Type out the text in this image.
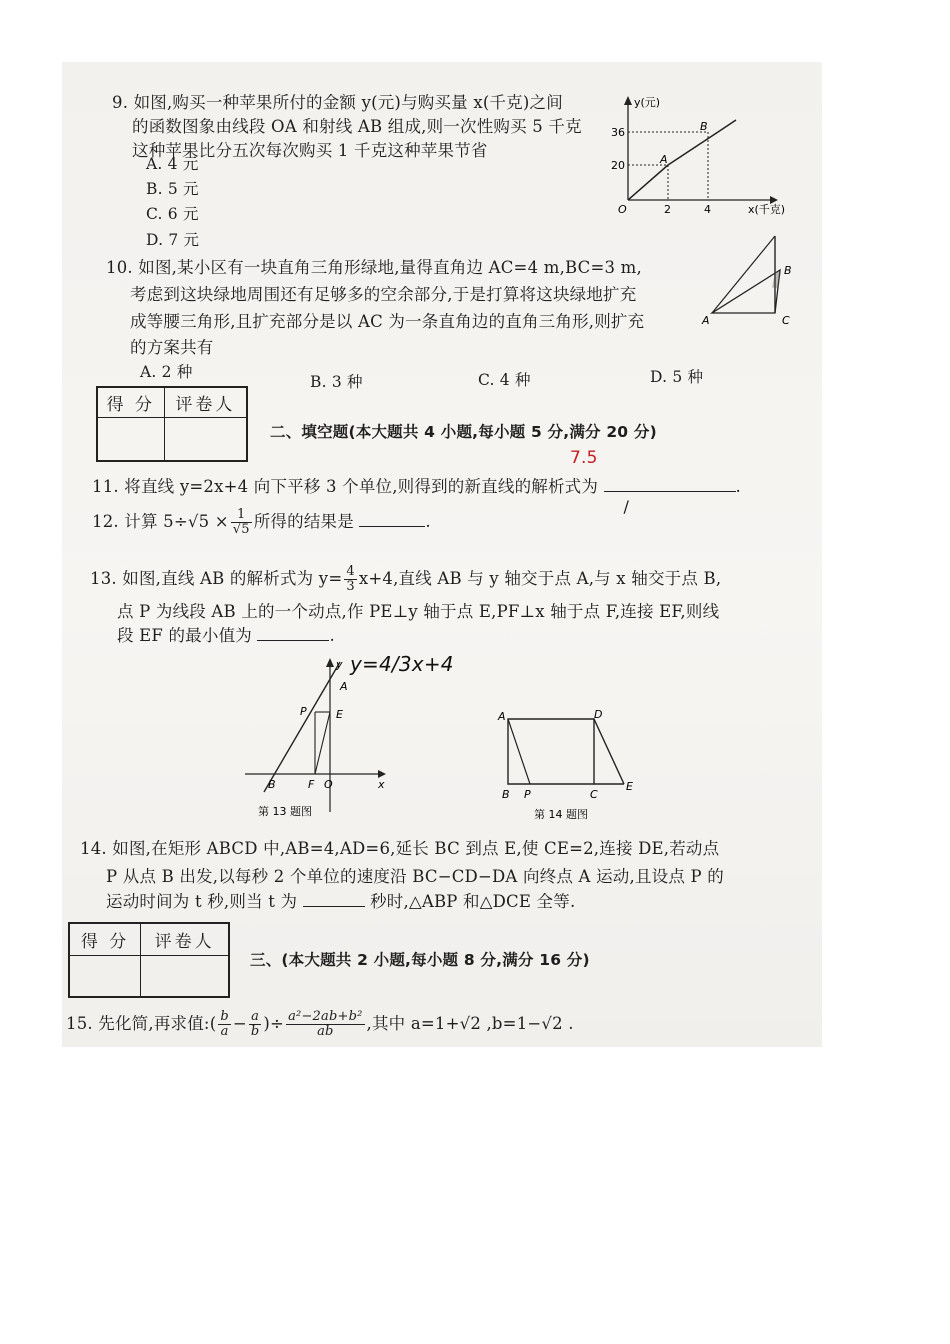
9. 如图,购买一种苹果所付的金额 y(元)与购买量 x(千克)之间
的函数图象由线段 OA 和射线 AB 组成,则一次性购买 5 千克
这种苹果比分五次每次购买 1 千克这种苹果节省
A. 4 元
B. 5 元
C. 6 元
D. 7 元
y(元)
x(千克)
O
36
20
2	4
A
B
10. 如图,某小区有一块直角三角形绿地,量得直角边 AC=4 m,BC=3 m,
考虑到这块绿地周围还有足够多的空余部分,于是打算将这块绿地扩充
成等腰三角形,且扩充部分是以 AC 为一条直角边的直角三角形,则扩充
的方案共有
A. 2 种
B. 3 种	C. 4 种	D. 5 种
A
B
C
得 分	评卷人

二、填空题(本大题共 4 小题,每小题 5 分,满分 20 分)
7.5
11. 将直线 y=2x+4 向下平移 3 个单位,则得到的新直线的解析式为
/
.
12. 计算 $5\div√5 \times \frac{1}{√5}$ 所得的结果是	.
13. 如图,直线 AB 的解析式为 $y= \frac{4}{3} x+4$,直线 AB 与 y 轴交于点 A,与 x 轴交于点 B,
点 P 为线段 AB 上的一个动点,作 PE⊥y 轴于点 E,PF⊥x 轴于点 F,连接 EF,则线
段 EF 的最小值为	.
y
x
A
P	E
B	F O
第 13 题图
y=4/3x+4
A	D
B P	C
E
第 14 题图
14. 如图,在矩形 ABCD 中,AB=4,AD=6,延长 BC 到点 E,使 CE=2,连接 DE,若动点
P 从点 B 出发,以每秒 2 个单位的速度沿 BC−CD−DA 向终点 A 运动,且设点 P 的
运动时间为 t 秒,则当 t 为	秒时,△ABP 和△DCE 全等.
得 分	评卷人

三、(本大题共 2 小题,每小题 8 分,满分 16 分)
15. 先化简,再求值:( $\frac{b}{a} - \frac{a}{b}$ )÷ $\frac{\text{a²−2ab+b²}}{ab}$ ,其中 a=1+√2 ,b=1−√2 .
